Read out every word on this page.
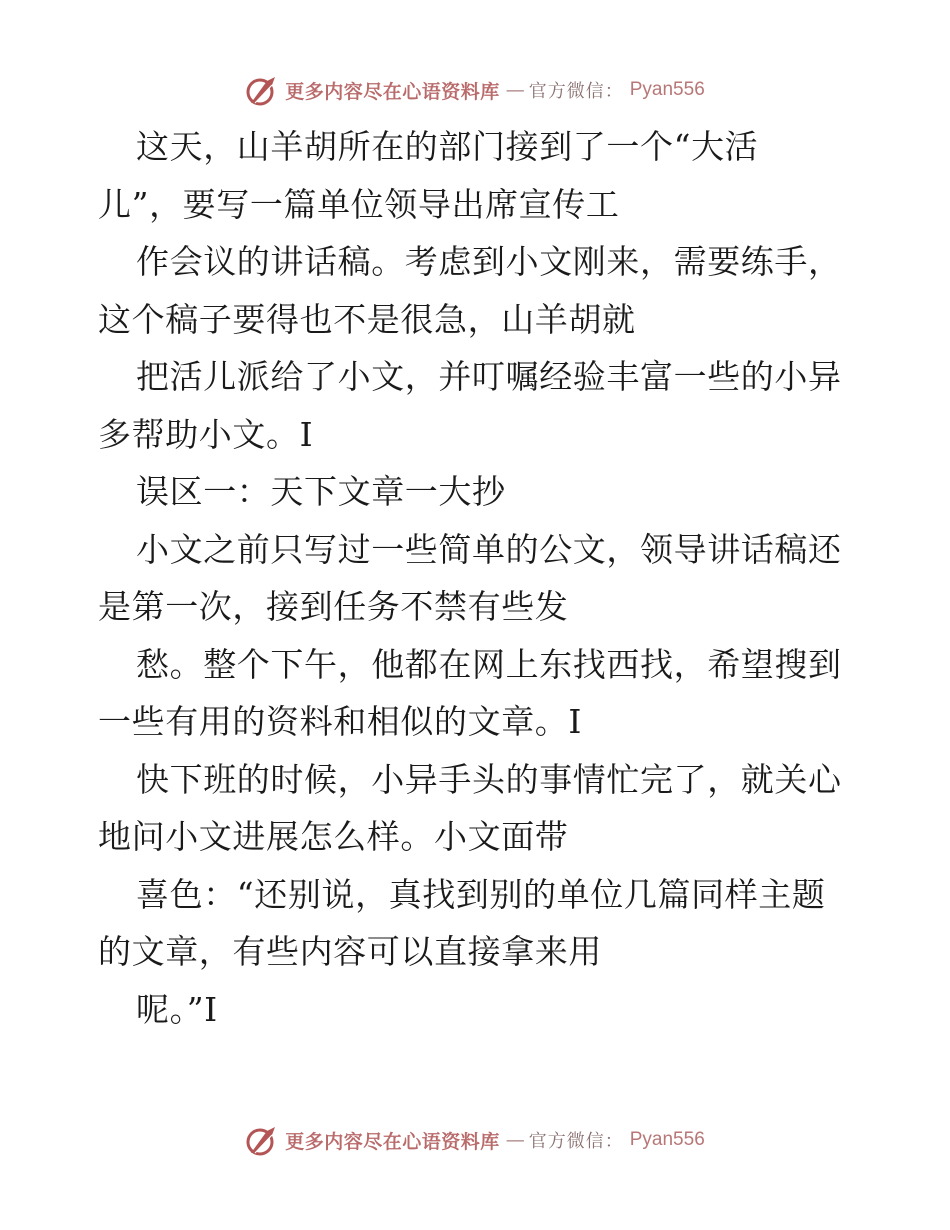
更多内容尽在心语资料库 — 官方微信： Pyan556
这天，山羊胡所在的部门接到了一个“大活
儿”，要写一篇单位领导出席宣传工
作会议的讲话稿。考虑到小文刚来，需要练手，
这个稿子要得也不是很急，山羊胡就
把活儿派给了小文，并叮嘱经验丰富一些的小异
多帮助小文。I
误区一：天下文章一大抄
小文之前只写过一些简单的公文，领导讲话稿还
是第一次，接到任务不禁有些发
愁。整个下午，他都在网上东找西找，希望搜到
一些有用的资料和相似的文章。I
快下班的时候，小异手头的事情忙完了，就关心
地问小文进展怎么样。小文面带
喜色：“还别说，真找到别的单位几篇同样主题
的文章，有些内容可以直接拿来用
呢。”I
更多内容尽在心语资料库 — 官方微信： Pyan556
